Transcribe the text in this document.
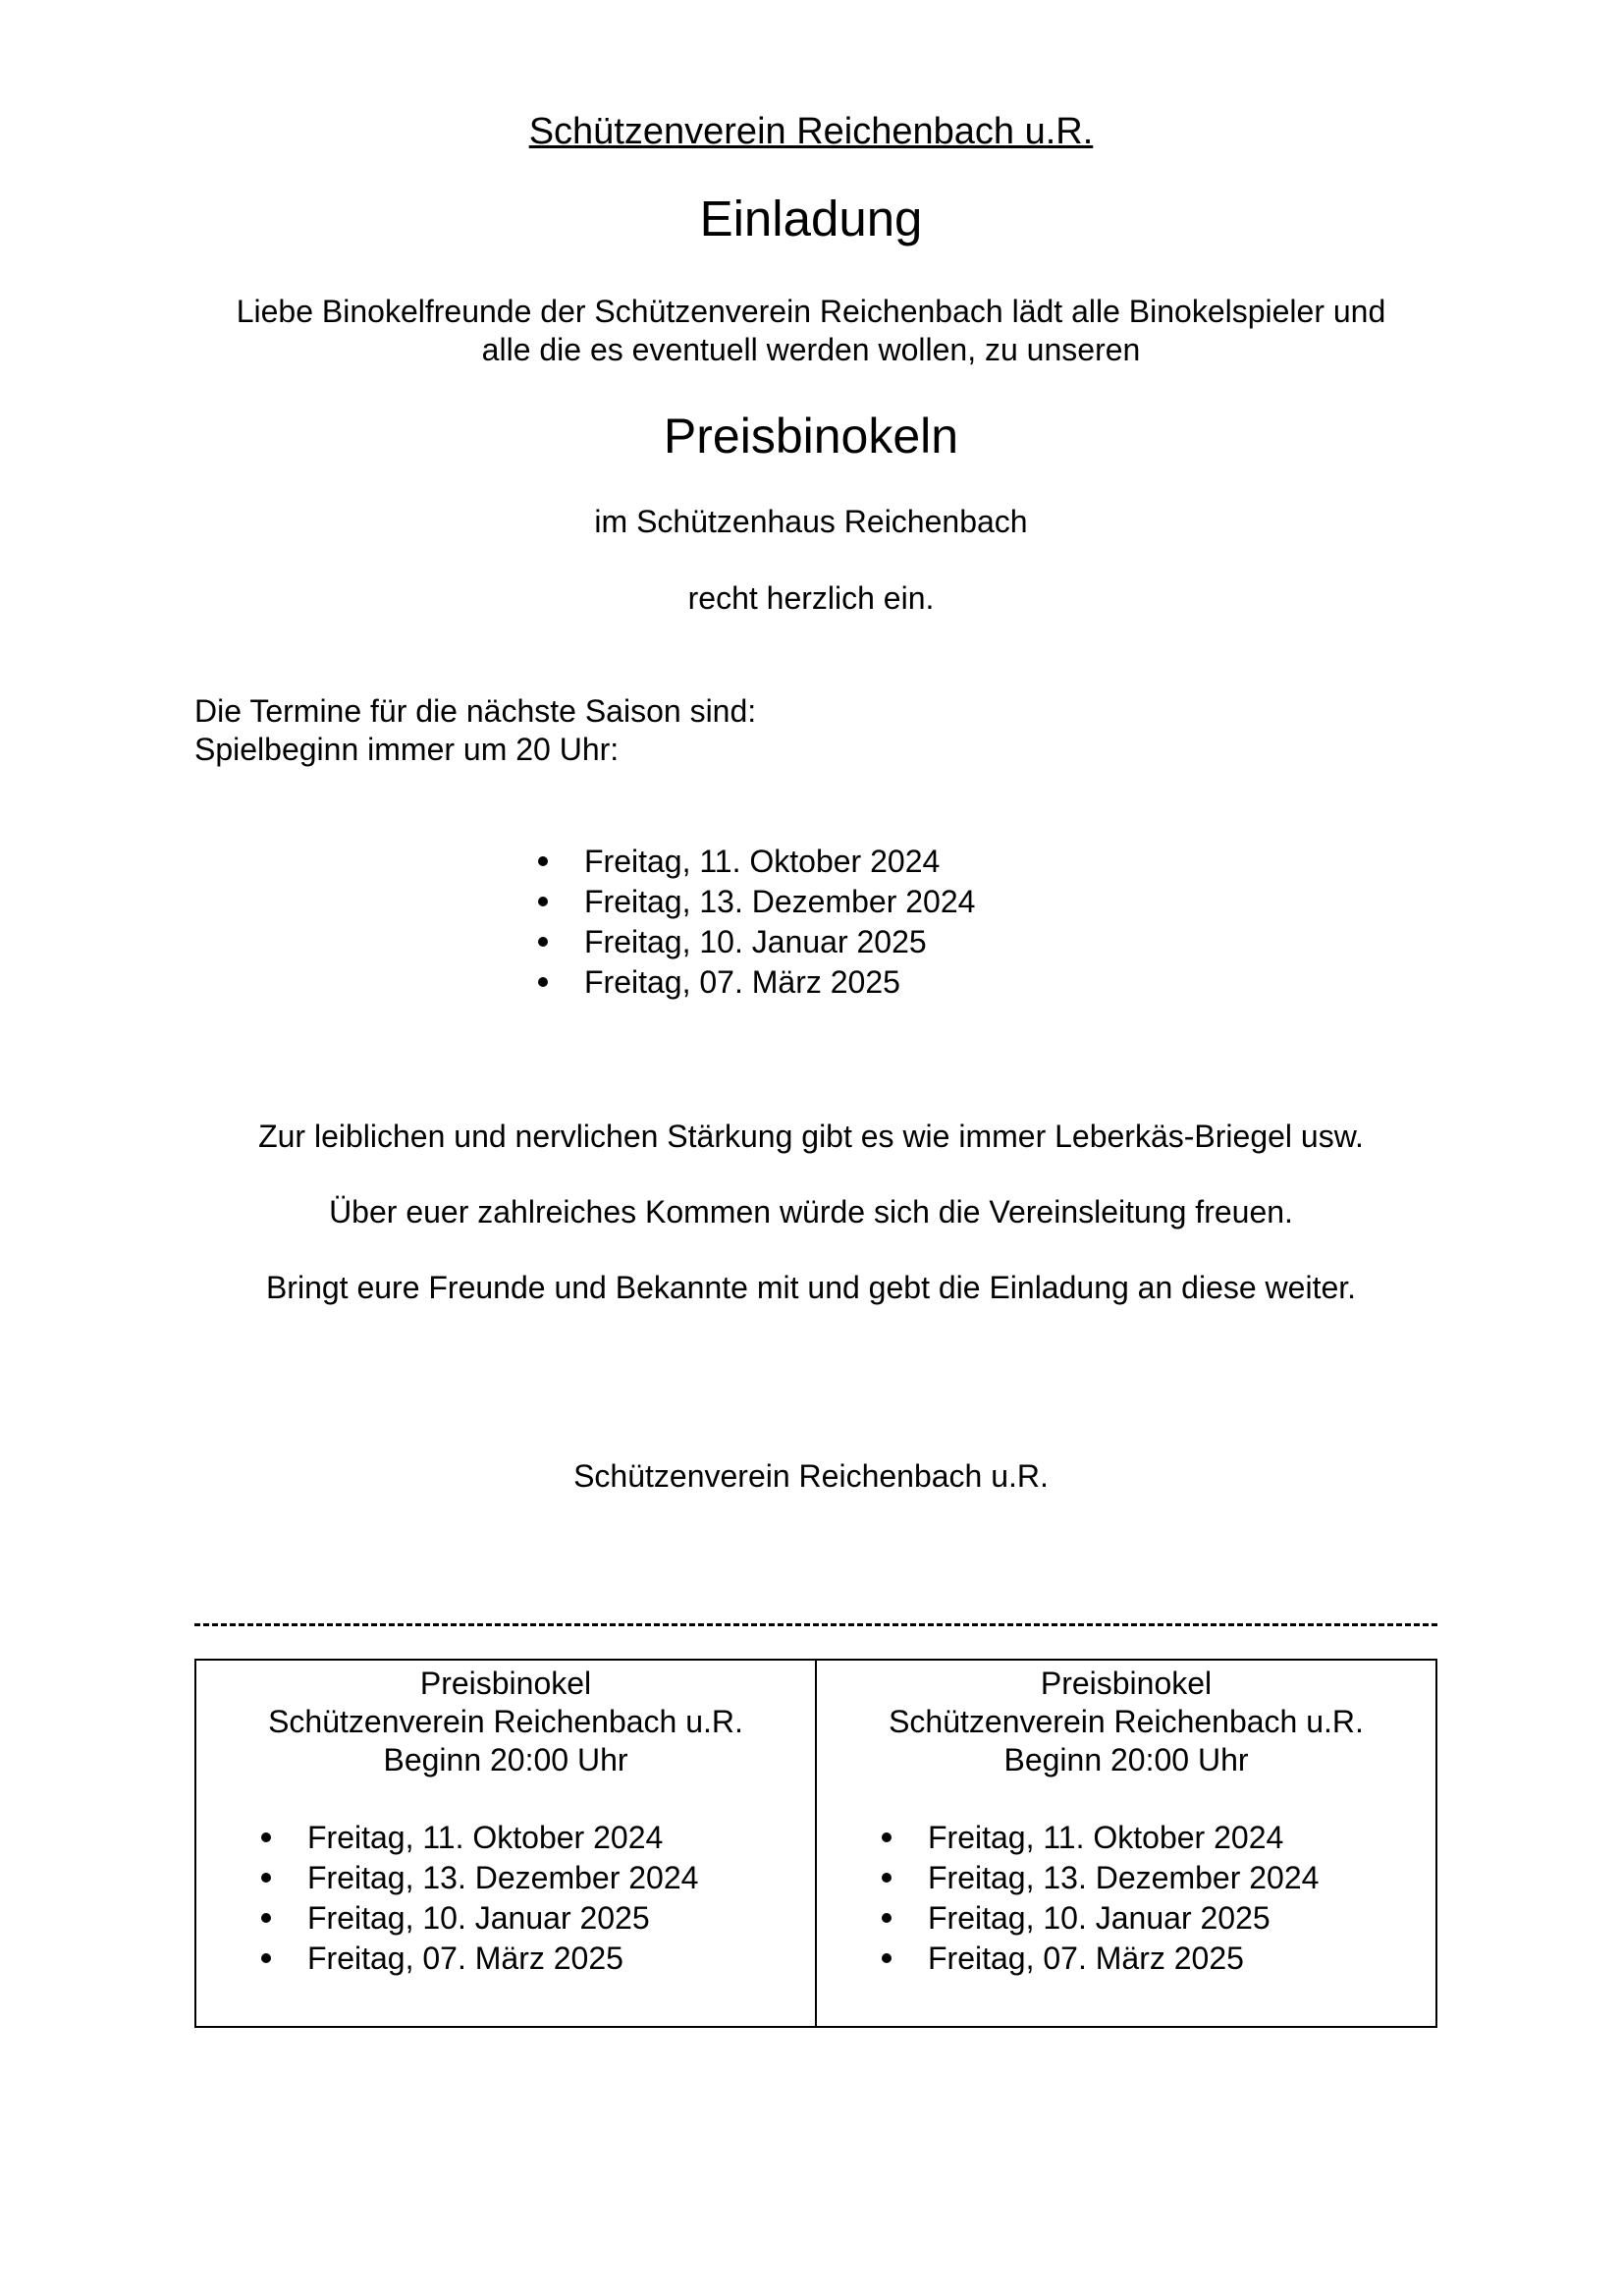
Schützenverein Reichenbach u.R.
Einladung
Liebe Binokelfreunde der Schützenverein Reichenbach lädt alle Binokelspieler und
alle die es eventuell werden wollen, zu unseren
Preisbinokeln
im Schützenhaus Reichenbach
recht herzlich ein.
Die Termine für die nächste Saison sind:
Spielbeginn immer um 20 Uhr:
Freitag, 11. Oktober 2024
Freitag, 13. Dezember 2024
Freitag, 10. Januar 2025
Freitag, 07. März 2025
Zur leiblichen und nervlichen Stärkung gibt es wie immer Leberkäs-Briegel usw.
Über euer zahlreiches Kommen würde sich die Vereinsleitung freuen.
Bringt eure Freunde und Bekannte mit und gebt die Einladung an diese weiter.
Schützenverein Reichenbach u.R.
Preisbinokel
Schützenverein Reichenbach u.R.
Beginn 20:00 Uhr
Freitag, 11. Oktober 2024
Freitag, 13. Dezember 2024
Freitag, 10. Januar 2025
Freitag, 07. März 2025
Preisbinokel
Schützenverein Reichenbach u.R.
Beginn 20:00 Uhr
Freitag, 11. Oktober 2024
Freitag, 13. Dezember 2024
Freitag, 10. Januar 2025
Freitag, 07. März 2025
